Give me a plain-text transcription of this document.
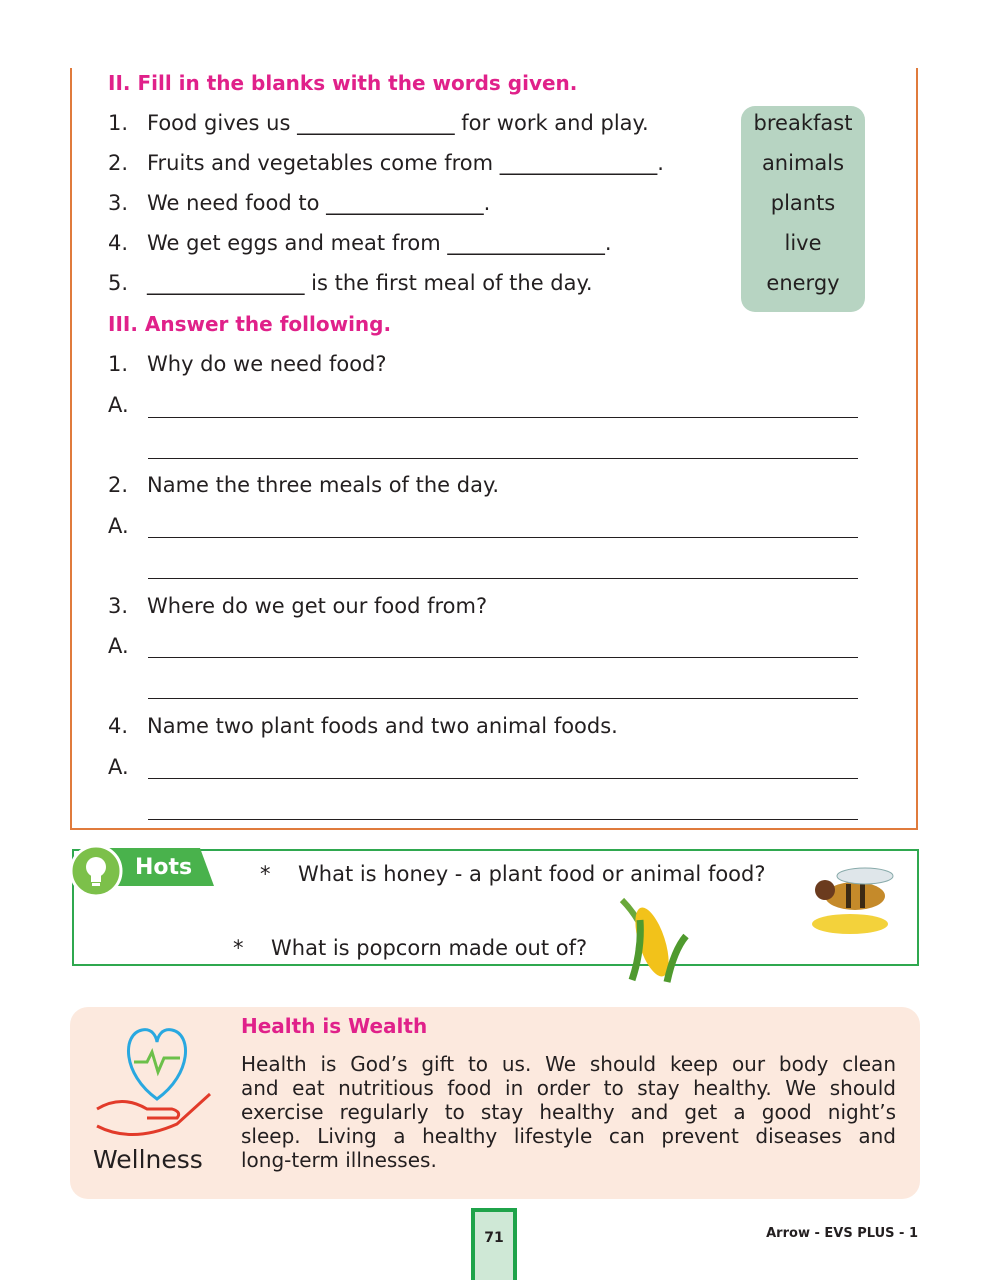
II. Fill in the blanks with the words given.
1. Food gives us _______________ for work and play.
2. Fruits and vegetables come from _______________.
3. We need food to _______________.
4. We get eggs and meat from _______________.
5. _______________ is the first meal of the day.
breakfast
animals
plants
live
energy
III. Answer the following.
1. Why do we need food?
A.
2. Name the three meals of the day.
A.
3. Where do we get our food from?
A.
4. Name two plant foods and two animal foods.
A.
Hots	* What is honey - a plant food or animal food?
* What is popcorn made out of?
Wellness
Health is Wealth
Health is God’s gift to us. We should keep our body clean
and eat nutritious food in order to stay healthy. We should
exercise regularly to stay healthy and get a good night’s
sleep. Living a healthy lifestyle can prevent diseases and
long-term illnesses.
71	Arrow - EVS PLUS - 1
